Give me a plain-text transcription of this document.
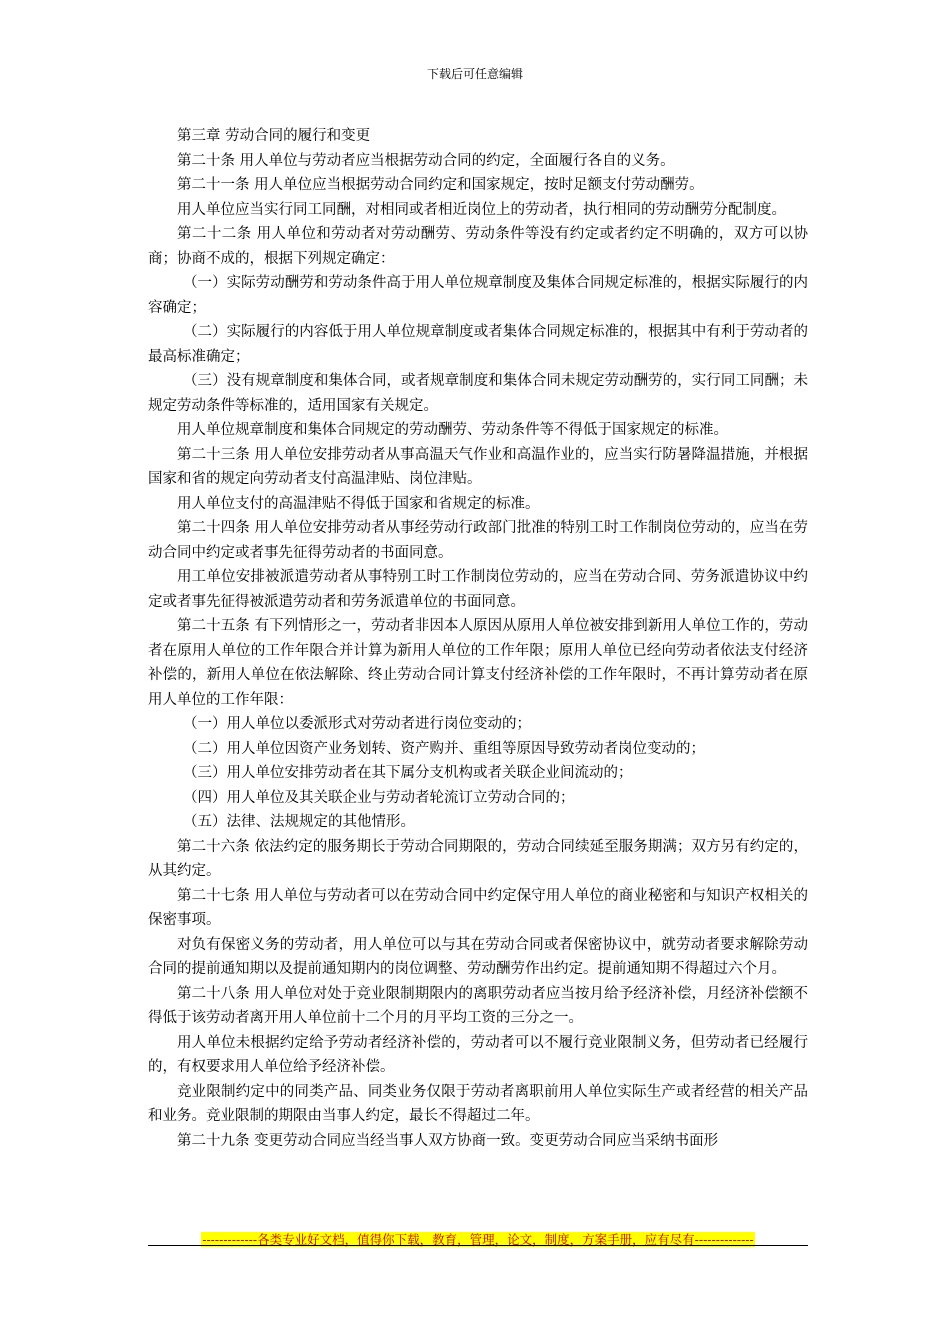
下载后可任意编辑

第三章 劳动合同的履行和变更

第二十条 用人单位与劳动者应当根据劳动合同的约定，全面履行各自的义务。

第二十一条 用人单位应当根据劳动合同约定和国家规定，按时足额支付劳动酬劳。

用人单位应当实行同工同酬，对相同或者相近岗位上的劳动者，执行相同的劳动酬劳分配制度。

第二十二条 用人单位和劳动者对劳动酬劳、劳动条件等没有约定或者约定不明确的，双方可以协商；协商不成的，根据下列规定确定：

（一）实际劳动酬劳和劳动条件高于用人单位规章制度及集体合同规定标准的，根据实际履行的内容确定；

（二）实际履行的内容低于用人单位规章制度或者集体合同规定标准的，根据其中有利于劳动者的最高标准确定；

（三）没有规章制度和集体合同，或者规章制度和集体合同未规定劳动酬劳的，实行同工同酬；未规定劳动条件等标准的，适用国家有关规定。

用人单位规章制度和集体合同规定的劳动酬劳、劳动条件等不得低于国家规定的标准。

第二十三条 用人单位安排劳动者从事高温天气作业和高温作业的，应当实行防暑降温措施，并根据国家和省的规定向劳动者支付高温津贴、岗位津贴。

用人单位支付的高温津贴不得低于国家和省规定的标准。

第二十四条 用人单位安排劳动者从事经劳动行政部门批准的特别工时工作制岗位劳动的，应当在劳动合同中约定或者事先征得劳动者的书面同意。

用工单位安排被派遣劳动者从事特别工时工作制岗位劳动的，应当在劳动合同、劳务派遣协议中约定或者事先征得被派遣劳动者和劳务派遣单位的书面同意。

第二十五条 有下列情形之一，劳动者非因本人原因从原用人单位被安排到新用人单位工作的，劳动者在原用人单位的工作年限合并计算为新用人单位的工作年限；原用人单位已经向劳动者依法支付经济补偿的，新用人单位在依法解除、终止劳动合同计算支付经济补偿的工作年限时，不再计算劳动者在原用人单位的工作年限：

（一）用人单位以委派形式对劳动者进行岗位变动的；

（二）用人单位因资产业务划转、资产购并、重组等原因导致劳动者岗位变动的；

（三）用人单位安排劳动者在其下属分支机构或者关联企业间流动的；

（四）用人单位及其关联企业与劳动者轮流订立劳动合同的；

（五）法律、法规规定的其他情形。

第二十六条 依法约定的服务期长于劳动合同期限的，劳动合同续延至服务期满；双方另有约定的，从其约定。

第二十七条 用人单位与劳动者可以在劳动合同中约定保守用人单位的商业秘密和与知识产权相关的保密事项。

对负有保密义务的劳动者，用人单位可以与其在劳动合同或者保密协议中，就劳动者要求解除劳动合同的提前通知期以及提前通知期内的岗位调整、劳动酬劳作出约定。提前通知期不得超过六个月。

第二十八条 用人单位对处于竞业限制期限内的离职劳动者应当按月给予经济补偿，月经济补偿额不得低于该劳动者离开用人单位前十二个月的月平均工资的三分之一。

用人单位未根据约定给予劳动者经济补偿的，劳动者可以不履行竞业限制义务，但劳动者已经履行的，有权要求用人单位给予经济补偿。

竞业限制约定中的同类产品、同类业务仅限于劳动者离职前用人单位实际生产或者经营的相关产品和业务。竞业限制的期限由当事人约定，最长不得超过二年。

第二十九条 变更劳动合同应当经当事人双方协商一致。变更劳动合同应当采纳书面形

-------------各类专业好文档，值得你下载，教育，管理，论文，制度，方案手册，应有尽有--------------
